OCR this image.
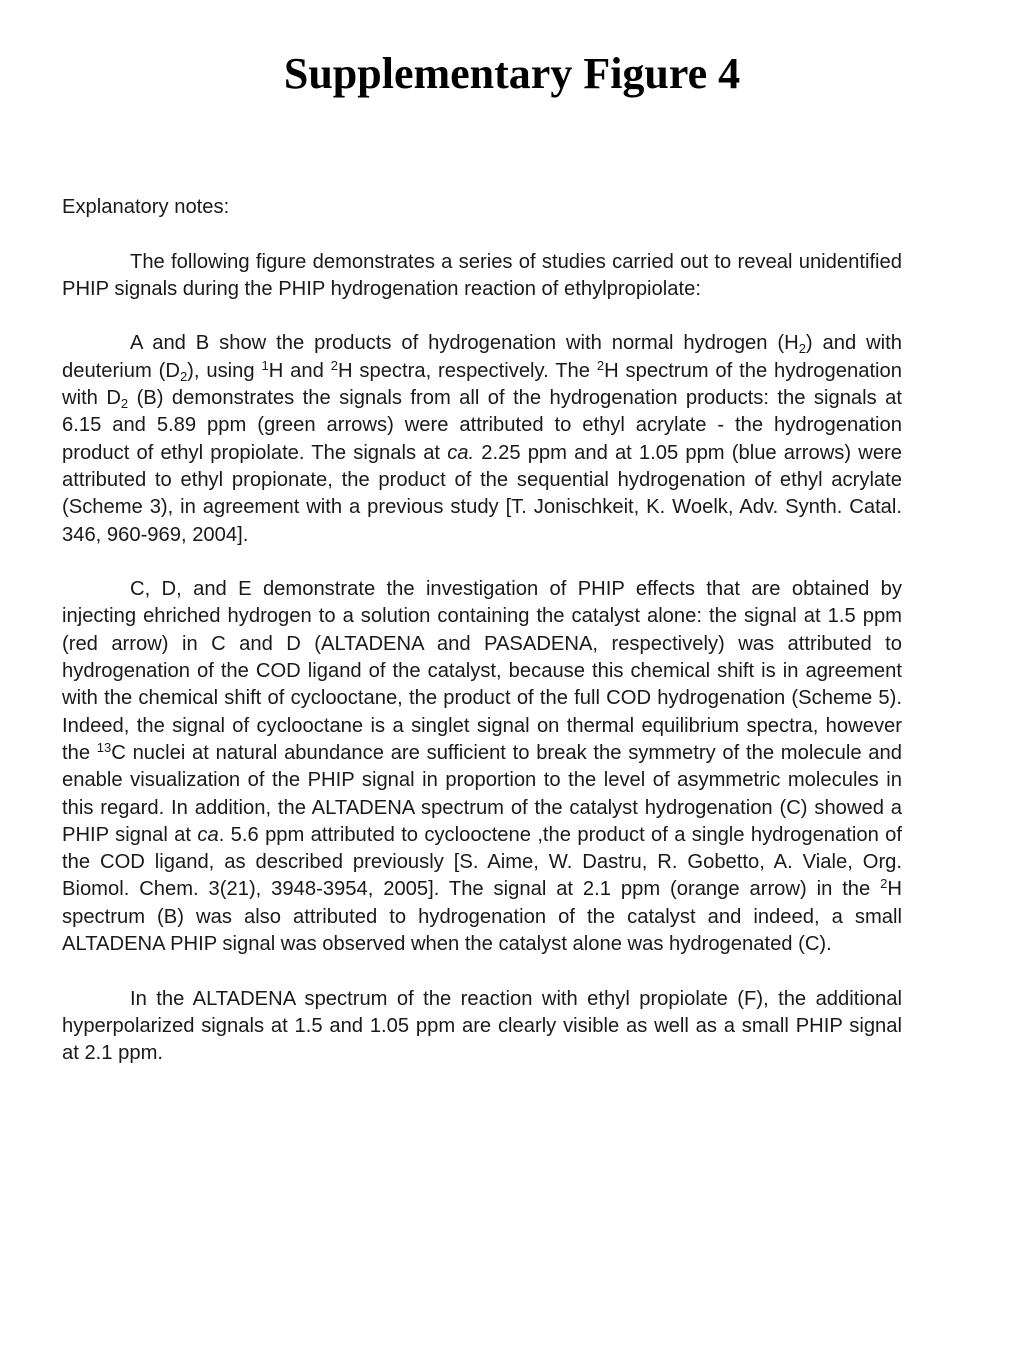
Supplementary Figure 4

Explanatory notes:

The following figure demonstrates a series of studies carried out to reveal unidentified PHIP signals during the PHIP hydrogenation reaction of ethylpropiolate:

A and B show the products of hydrogenation with normal hydrogen $(H_2)$ and with deuterium $(D_2)$, using $^1$H and $^2$H spectra, respectively. The $^2$H spectrum of the hydrogenation with $D_2$ (B) demonstrates the signals from all of the hydrogenation products: the signals at 6.15 and 5.89 ppm (green arrows) were attributed to ethyl acrylate - the hydrogenation product of ethyl propiolate. The signals at ca. 2.25 ppm and at 1.05 ppm (blue arrows) were attributed to ethyl propionate, the product of the sequential hydrogenation of ethyl acrylate (Scheme 3), in agreement with a previous study [T. Jonischkeit, K. Woelk, Adv. Synth. Catal. 346, 960-969, 2004].

C, D, and E demonstrate the investigation of PHIP effects that are obtained by injecting ehriched hydrogen to a solution containing the catalyst alone: the signal at 1.5 ppm (red arrow) in C and D (ALTADENA and PASADENA, respectively) was attributed to hydrogenation of the COD ligand of the catalyst, because this chemical shift is in agreement with the chemical shift of cyclooctane, the product of the full COD hydrogenation (Scheme 5). Indeed, the signal of cyclooctane is a singlet signal on thermal equilibrium spectra, however the $^{13}$C nuclei at natural abundance are sufficient to break the symmetry of the molecule and enable visualization of the PHIP signal in proportion to the level of asymmetric molecules in this regard. In addition, the ALTADENA spectrum of the catalyst hydrogenation (C) showed a PHIP signal at ca. 5.6 ppm attributed to cyclooctene ,the product of a single hydrogenation of the COD ligand, as described previously [S. Aime, W. Dastru, R. Gobetto, A. Viale, Org. Biomol. Chem. 3(21), 3948-3954, 2005]. The signal at 2.1 ppm (orange arrow) in the $^2$H spectrum (B) was also attributed to hydrogenation of the catalyst and indeed, a small ALTADENA PHIP signal was observed when the catalyst alone was hydrogenated (C).

In the ALTADENA spectrum of the reaction with ethyl propiolate (F), the additional hyperpolarized signals at 1.5 and 1.05 ppm are clearly visible as well as a small PHIP signal at 2.1 ppm.
